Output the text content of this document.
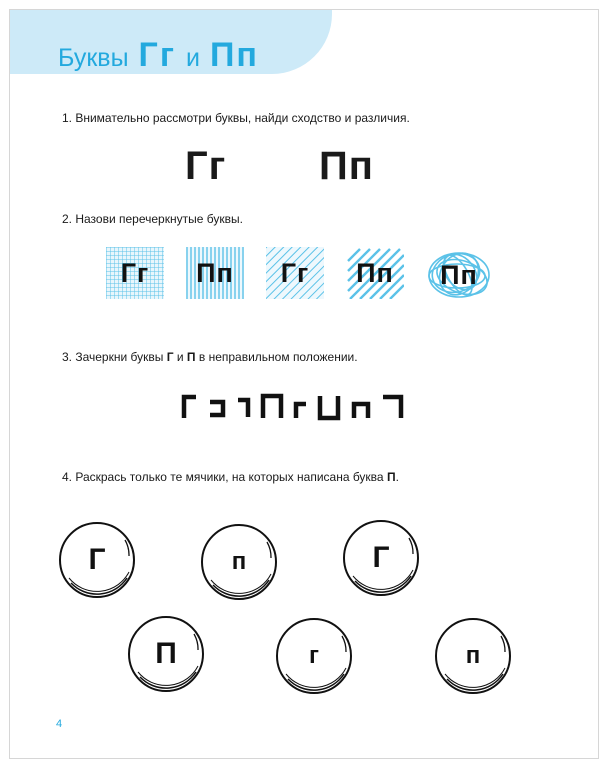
Буквы Гг и Пп
1. Внимательно рассмотри буквы, найди сходство и различия.
Гг Пп
2. Назови перечеркнутые буквы.
Гг	Пп	Гг	Пп	Пп
3. Зачеркни буквы Г и П в неправильном положении.
4. Раскрась только те мячики, на которых написана буква П.
Г	п	Г
П	г	п
4
